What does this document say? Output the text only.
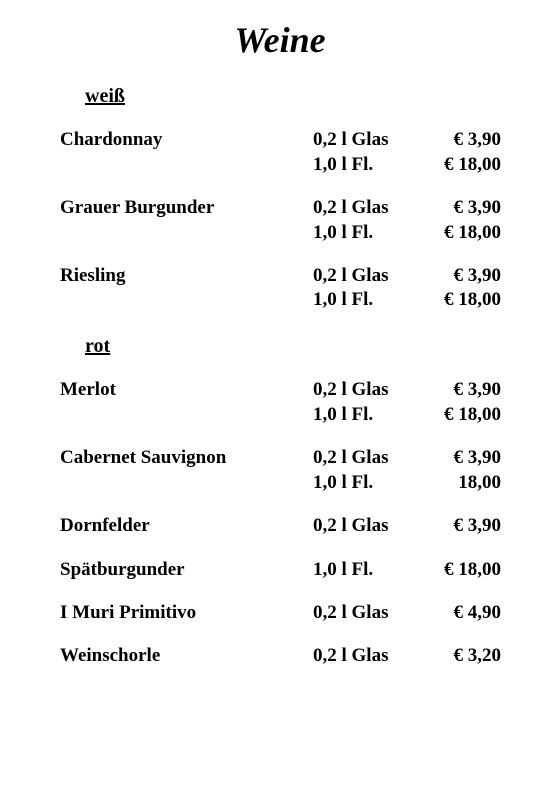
Weine
weiß
Chardonnay	0,2 l Glas	€ 3,90
1,0 l Fl.	€ 18,00
Grauer Burgunder	0,2 l Glas	€ 3,90
1,0 l Fl.	€ 18,00
Riesling	0,2 l Glas	€ 3,90
1,0 l Fl.	€ 18,00
rot
Merlot	0,2 l Glas	€ 3,90
1,0 l Fl.	€ 18,00
Cabernet Sauvignon	0,2 l Glas	€ 3,90
1,0 l Fl.	18,00
Dornfelder	0,2 l Glas	€ 3,90
Spätburgunder	1,0 l Fl.	€ 18,00
I Muri Primitivo	0,2 l Glas	€ 4,90
Weinschorle	0,2 l Glas	€ 3,20
